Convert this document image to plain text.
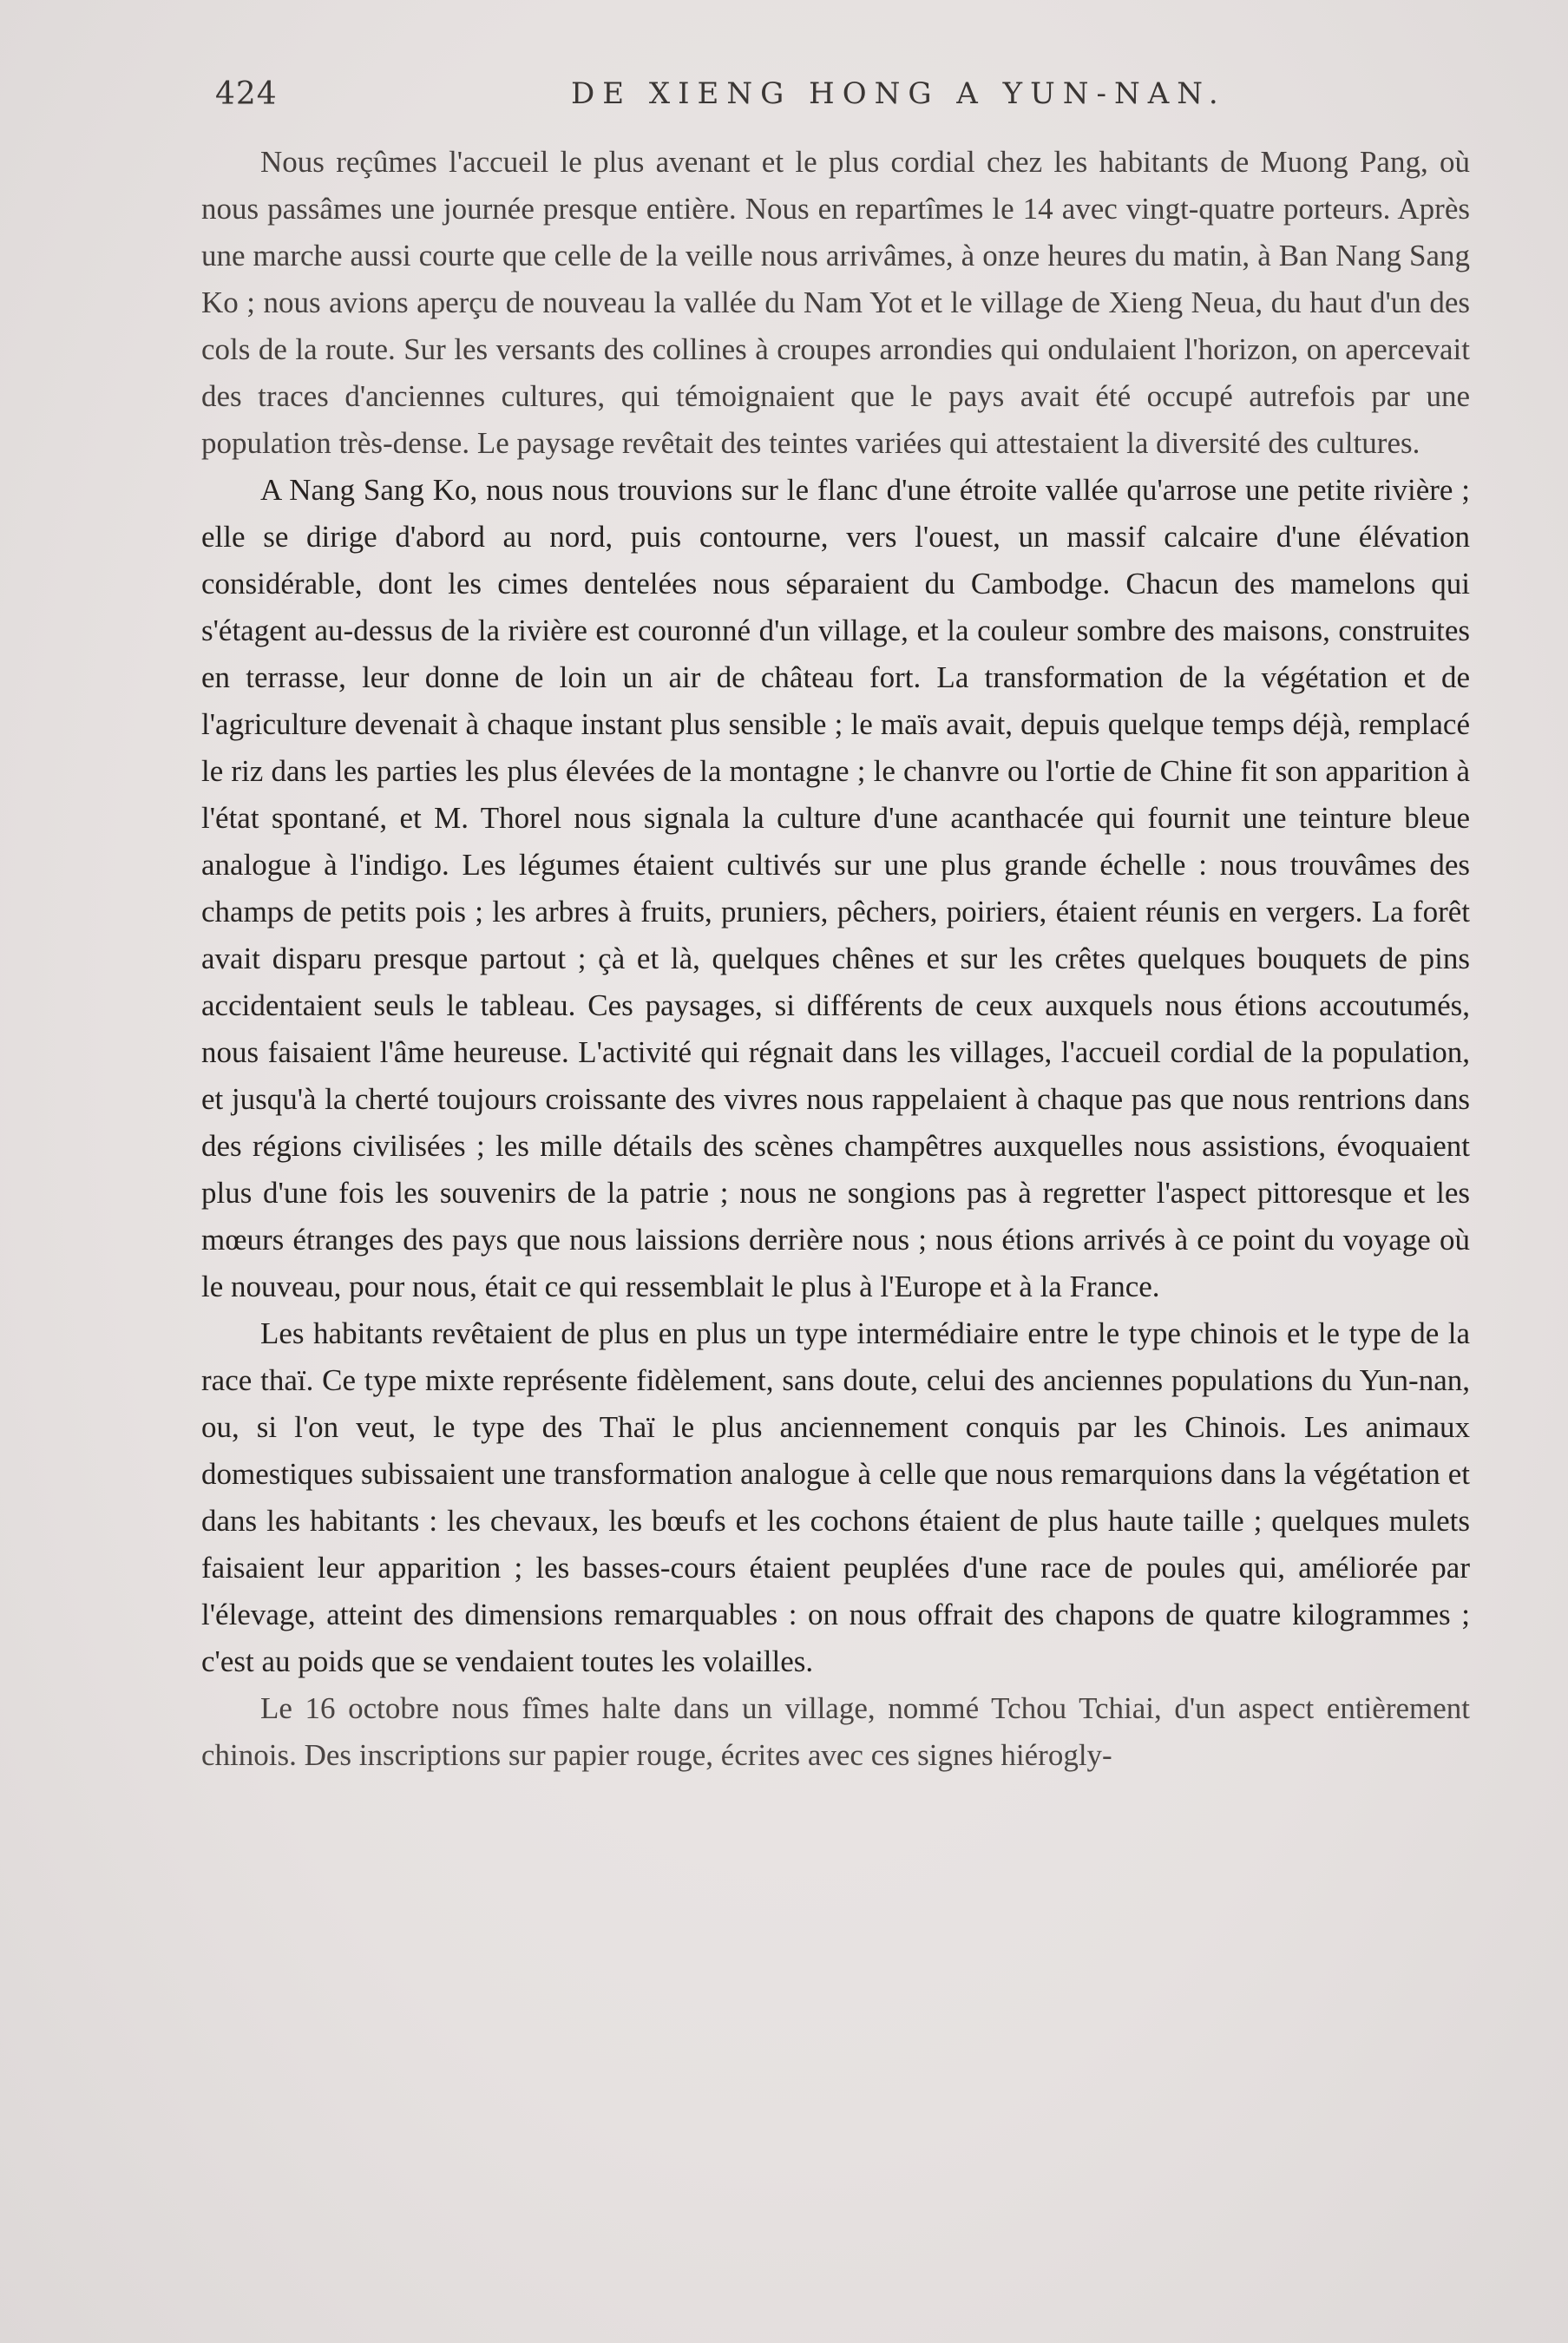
424	DE XIENG HONG A YUN-NAN.

Nous reçûmes l'accueil le plus avenant et le plus cordial chez les habitants de Muong Pang, où nous passâmes une journée presque entière. Nous en repartîmes le 14 avec vingt-quatre porteurs. Après une marche aussi courte que celle de la veille nous arrivâmes, à onze heures du matin, à Ban Nang Sang Ko ; nous avions aperçu de nouveau la vallée du Nam Yot et le village de Xieng Neua, du haut d'un des cols de la route. Sur les versants des collines à croupes arrondies qui ondulaient l'horizon, on apercevait des traces d'anciennes cultures, qui témoignaient que le pays avait été occupé autrefois par une population très-dense. Le paysage revêtait des teintes variées qui attestaient la diversité des cultures.

A Nang Sang Ko, nous nous trouvions sur le flanc d'une étroite vallée qu'arrose une petite rivière ; elle se dirige d'abord au nord, puis contourne, vers l'ouest, un massif calcaire d'une élévation considérable, dont les cimes dentelées nous séparaient du Cambodge. Chacun des mamelons qui s'étagent au-dessus de la rivière est couronné d'un village, et la couleur sombre des maisons, construites en terrasse, leur donne de loin un air de château fort. La transformation de la végétation et de l'agriculture devenait à chaque instant plus sensible ; le maïs avait, depuis quelque temps déjà, remplacé le riz dans les parties les plus élevées de la montagne ; le chanvre ou l'ortie de Chine fit son apparition à l'état spontané, et M. Thorel nous signala la culture d'une acanthacée qui fournit une teinture bleue analogue à l'indigo. Les légumes étaient cultivés sur une plus grande échelle : nous trouvâmes des champs de petits pois ; les arbres à fruits, pruniers, pêchers, poiriers, étaient réunis en vergers. La forêt avait disparu presque partout ; çà et là, quelques chênes et sur les crêtes quelques bouquets de pins accidentaient seuls le tableau. Ces paysages, si différents de ceux auxquels nous étions accoutumés, nous faisaient l'âme heureuse. L'activité qui régnait dans les villages, l'accueil cordial de la population, et jusqu'à la cherté toujours croissante des vivres nous rappelaient à chaque pas que nous rentrions dans des régions civilisées ; les mille détails des scènes champêtres auxquelles nous assistions, évoquaient plus d'une fois les souvenirs de la patrie ; nous ne songions pas à regretter l'aspect pittoresque et les mœurs étranges des pays que nous laissions derrière nous ; nous étions arrivés à ce point du voyage où le nouveau, pour nous, était ce qui ressemblait le plus à l'Europe et à la France.

Les habitants revêtaient de plus en plus un type intermédiaire entre le type chinois et le type de la race thaï. Ce type mixte représente fidèlement, sans doute, celui des anciennes populations du Yun-nan, ou, si l'on veut, le type des Thaï le plus anciennement conquis par les Chinois. Les animaux domestiques subissaient une transformation analogue à celle que nous remarquions dans la végétation et dans les habitants : les chevaux, les bœufs et les cochons étaient de plus haute taille ; quelques mulets faisaient leur apparition ; les basses-cours étaient peuplées d'une race de poules qui, améliorée par l'élevage, atteint des dimensions remarquables : on nous offrait des chapons de quatre kilogrammes ; c'est au poids que se vendaient toutes les volailles.

Le 16 octobre nous fîmes halte dans un village, nommé Tchou Tchiai, d'un aspect entièrement chinois. Des inscriptions sur papier rouge, écrites avec ces signes hiérogly-
